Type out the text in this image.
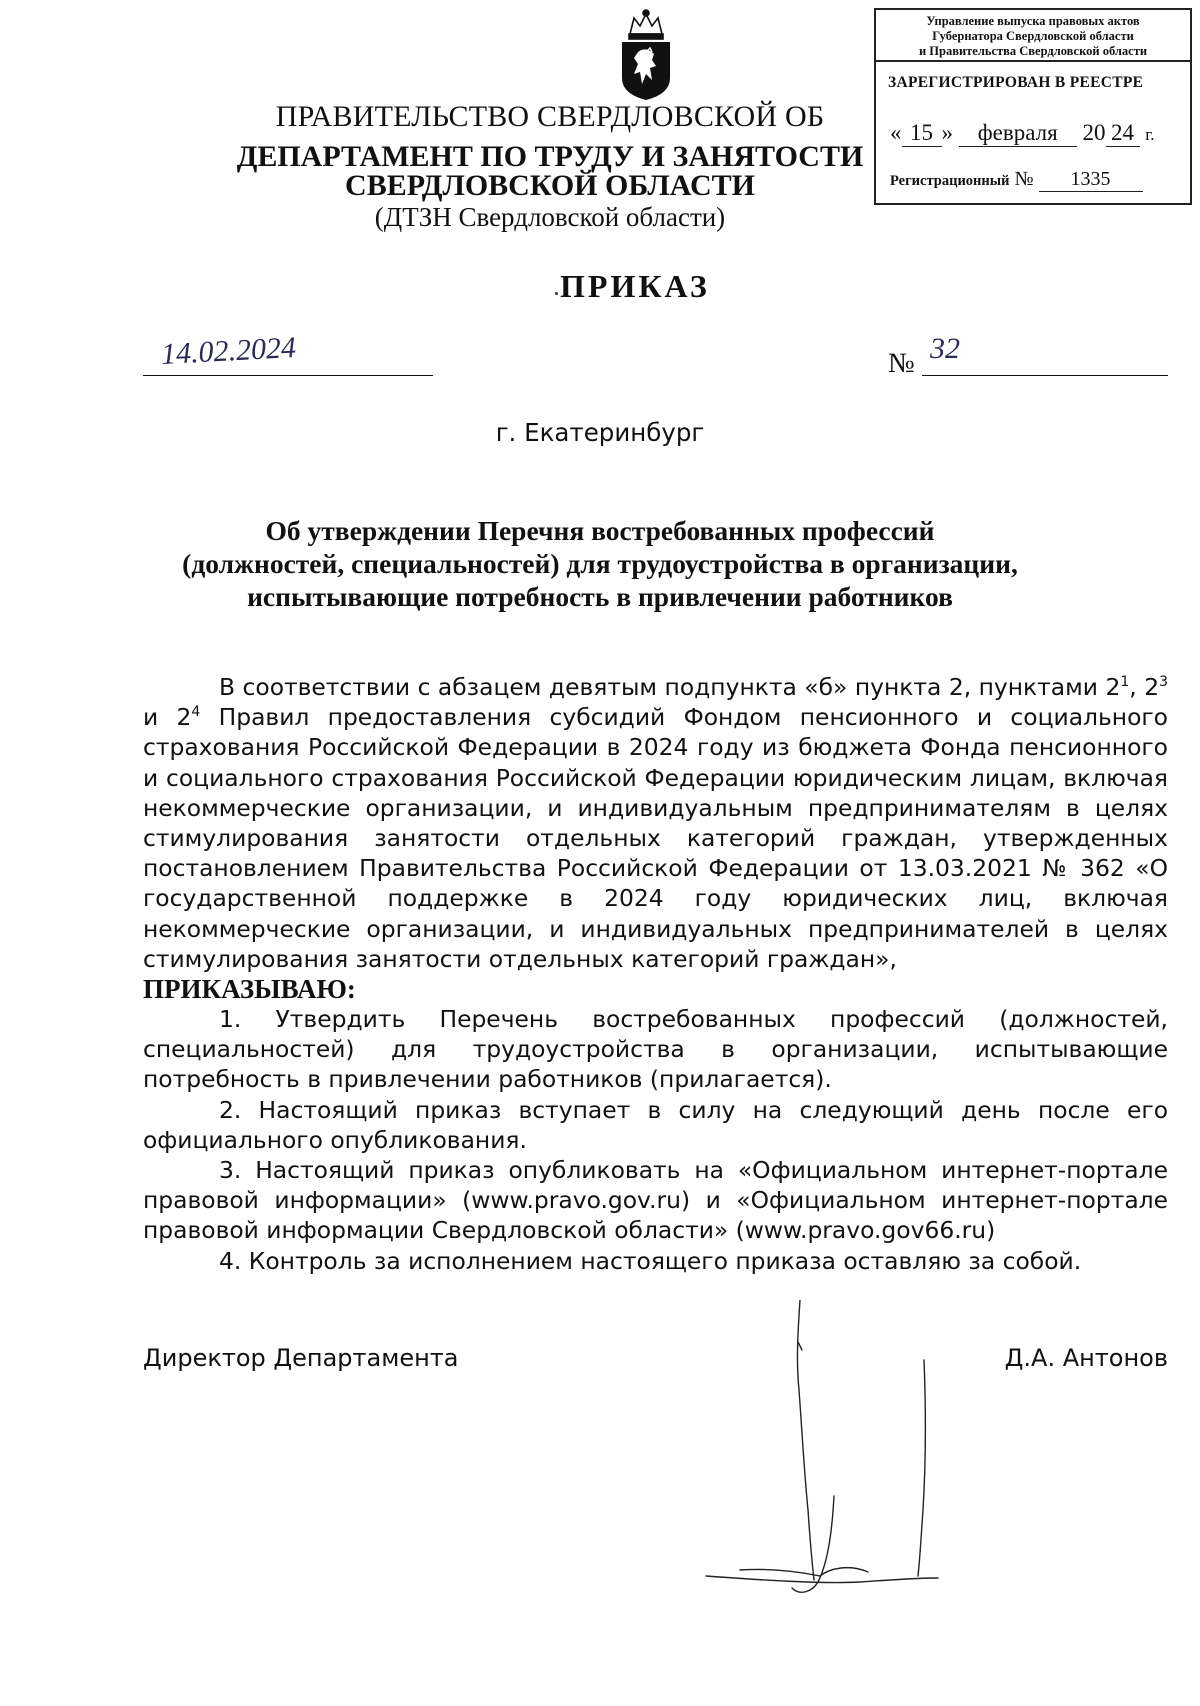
ПРАВИТЕЛЬСТВО СВЕРДЛОВСКОЙ ОБ
ДЕПАРТАМЕНТ ПО ТРУДУ И ЗАНЯТОСТИ
СВЕРДЛОВСКОЙ ОБЛАСТИ
(ДТЗН Свердловской области)
Управление выпуска правовых актов
Губернатора Свердловской области
и Правительства Свердловской области
ЗАРЕГИСТРИРОВАН В РЕЕСТРЕ
« 15 » февраля 20 24 г.
Регистрационный № 1335
ПРИКАЗ
14.02.2024	№ 32
г. Екатеринбург
Об утверждении Перечня востребованных профессий
(должностей, специальностей) для трудоустройства в организации,
испытывающие потребность в привлечении работников

В соответствии с абзацем девятым подпункта «б» пункта 2, пунктами $2^1$, $2^3$ и $2^4$ Правил предоставления субсидий Фондом пенсионного и социального страхования Российской Федерации в 2024 году из бюджета Фонда пенсионного и социального страхования Российской Федерации юридическим лицам, включая некоммерческие организации, и индивидуальным предпринимателям в целях стимулирования занятости отдельных категорий граждан, утвержденных постановлением Правительства Российской Федерации от 13.03.2021 № 362 «О государственной поддержке в 2024 году юридических лиц, включая некоммерческие организации, и индивидуальных предпринимателей в целях стимулирования занятости отдельных категорий граждан»,

ПРИКАЗЫВАЮ:

1. Утвердить Перечень востребованных профессий (должностей, специальностей) для трудоустройства в организации, испытывающие потребность в привлечении работников (прилагается).

2. Настоящий приказ вступает в силу на следующий день после его официального опубликования.

3. Настоящий приказ опубликовать на «Официальном интернет-портале правовой информации» (www.pravo.gov.ru) и «Официальном интернет-портале правовой информации Свердловской области» (www.pravo.gov66.ru)

4. Контроль за исполнением настоящего приказа оставляю за собой.

Директор Департамента	Д.А. Антонов
